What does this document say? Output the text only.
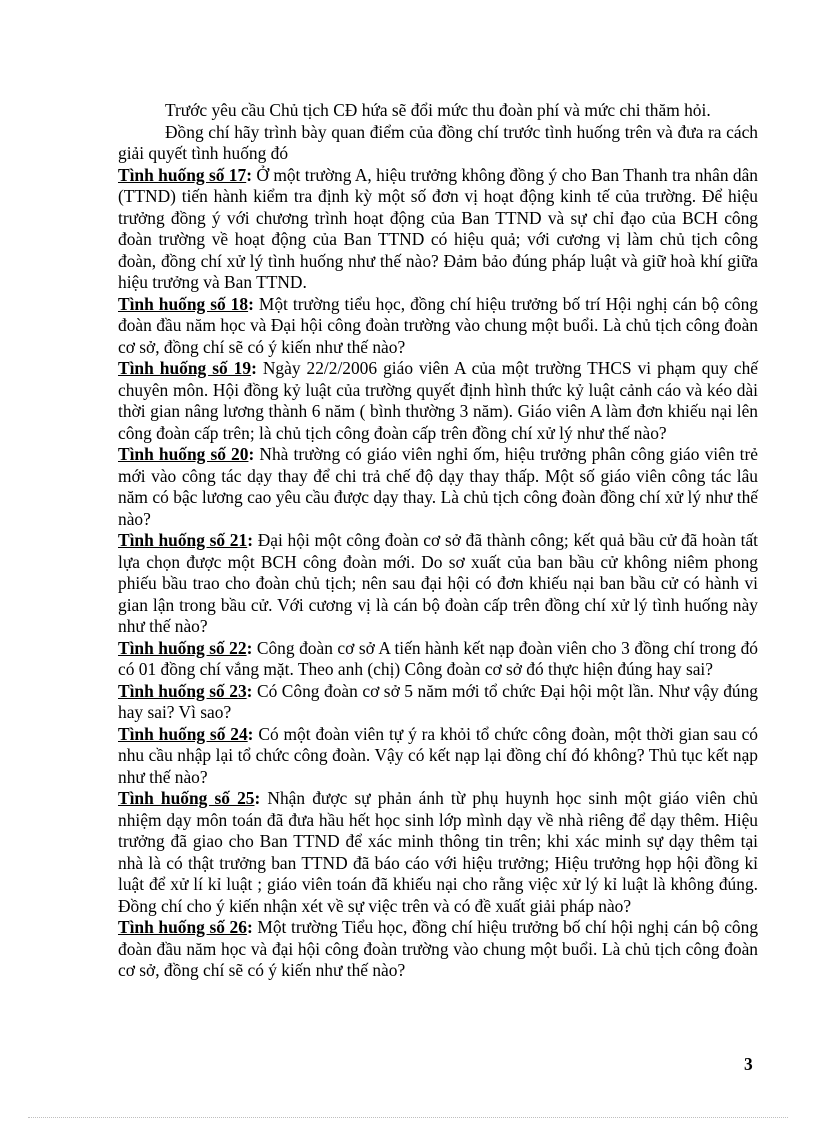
Trước yêu cầu Chủ tịch CĐ hứa sẽ đổi mức thu đoàn phí và mức chi thăm hỏi.

Đồng chí hãy trình bày quan điểm của đồng chí trước tình huống trên và đưa ra cách giải quyết tình huống đó

Tình huống số 17: Ở một trường A, hiệu trưởng không đồng ý cho Ban Thanh tra nhân dân (TTND) tiến hành kiểm tra định kỳ một số đơn vị hoạt động kinh tế của trường. Để hiệu trưởng đồng ý với chương trình hoạt động của Ban TTND và sự chỉ đạo của BCH công đoàn trường về hoạt động của Ban TTND có hiệu quả; với cương vị làm chủ tịch công đoàn, đồng chí xử lý tình huống như thế nào? Đảm bảo đúng pháp luật và giữ hoà khí giữa hiệu trưởng và Ban TTND.

Tình huống số 18: Một trường tiểu học, đồng chí hiệu trưởng bố trí Hội nghị cán bộ công đoàn đầu năm học và Đại hội công đoàn trường vào chung một buổi. Là chủ tịch công đoàn cơ sở, đồng chí sẽ có ý kiến như thế nào?

Tình huống số 19: Ngày 22/2/2006 giáo viên A của một trường THCS vi phạm quy chế chuyên môn. Hội đồng kỷ luật của trường quyết định hình thức kỷ luật cảnh cáo và kéo dài thời gian nâng lương thành 6 năm ( bình thường 3 năm). Giáo viên A làm đơn khiếu nại lên công đoàn cấp trên; là chủ tịch công đoàn cấp trên đồng chí xử lý như thế nào?

Tình huống số 20: Nhà trường có giáo viên nghỉ ốm, hiệu trưởng phân công giáo viên trẻ mới vào công tác dạy thay để chi trả chế độ dạy thay thấp. Một số giáo viên công tác lâu năm có bậc lương cao yêu cầu được dạy thay. Là chủ tịch công đoàn đồng chí xử lý như thế nào?

Tình huống số 21: Đại hội một công đoàn cơ sở đã thành công; kết quả bầu cử đã hoàn tất lựa chọn được một BCH công đoàn mới. Do sơ xuất của ban bầu cử không niêm phong phiếu bầu trao cho đoàn chủ tịch; nên sau đại hội có đơn khiếu nại ban bầu cử có hành vi gian lận trong bầu cử. Với cương vị là cán bộ đoàn cấp trên đồng chí xử lý tình huống này như thế nào?

Tình huống số 22: Công đoàn cơ sở A tiến hành kết nạp đoàn viên cho 3 đồng chí trong đó có 01 đồng chí vắng mặt. Theo anh (chị) Công đoàn cơ sở đó thực hiện đúng hay sai?

Tình huống số 23: Có Công đoàn cơ sở 5 năm mới tổ chức Đại hội một lần. Như vậy đúng hay sai? Vì sao?

Tình huống số 24: Có một đoàn viên tự ý ra khỏi tổ chức công đoàn, một thời gian sau có nhu cầu nhập lại tổ chức công đoàn. Vậy có kết nạp lại đồng chí đó không? Thủ tục kết nạp như thế nào?

Tình huống số 25: Nhận được sự phản ánh từ phụ huynh học sinh một giáo viên chủ nhiệm dạy môn toán đã đưa hầu hết học sinh lớp mình dạy về nhà riêng để dạy thêm. Hiệu trưởng đã giao cho Ban TTND để xác minh thông tin trên; khi xác minh sự dạy thêm tại nhà là có thật trưởng ban TTND đã báo cáo với hiệu trưởng; Hiệu trưởng họp hội đồng kỉ luật để xử lí kỉ luật ; giáo viên toán đã khiếu nại cho rằng việc xử lý kỉ luật là không đúng. Đồng chí cho ý kiến nhận xét về sự việc trên và có đề xuất giải pháp nào?

Tình huống số 26: Một trường Tiểu học, đồng chí hiệu trưởng bố chí hội nghị cán bộ công đoàn đầu năm học và đại hội công đoàn trường vào chung một buổi. Là chủ tịch công đoàn cơ sở, đồng chí sẽ có ý kiến như thế nào?

3
